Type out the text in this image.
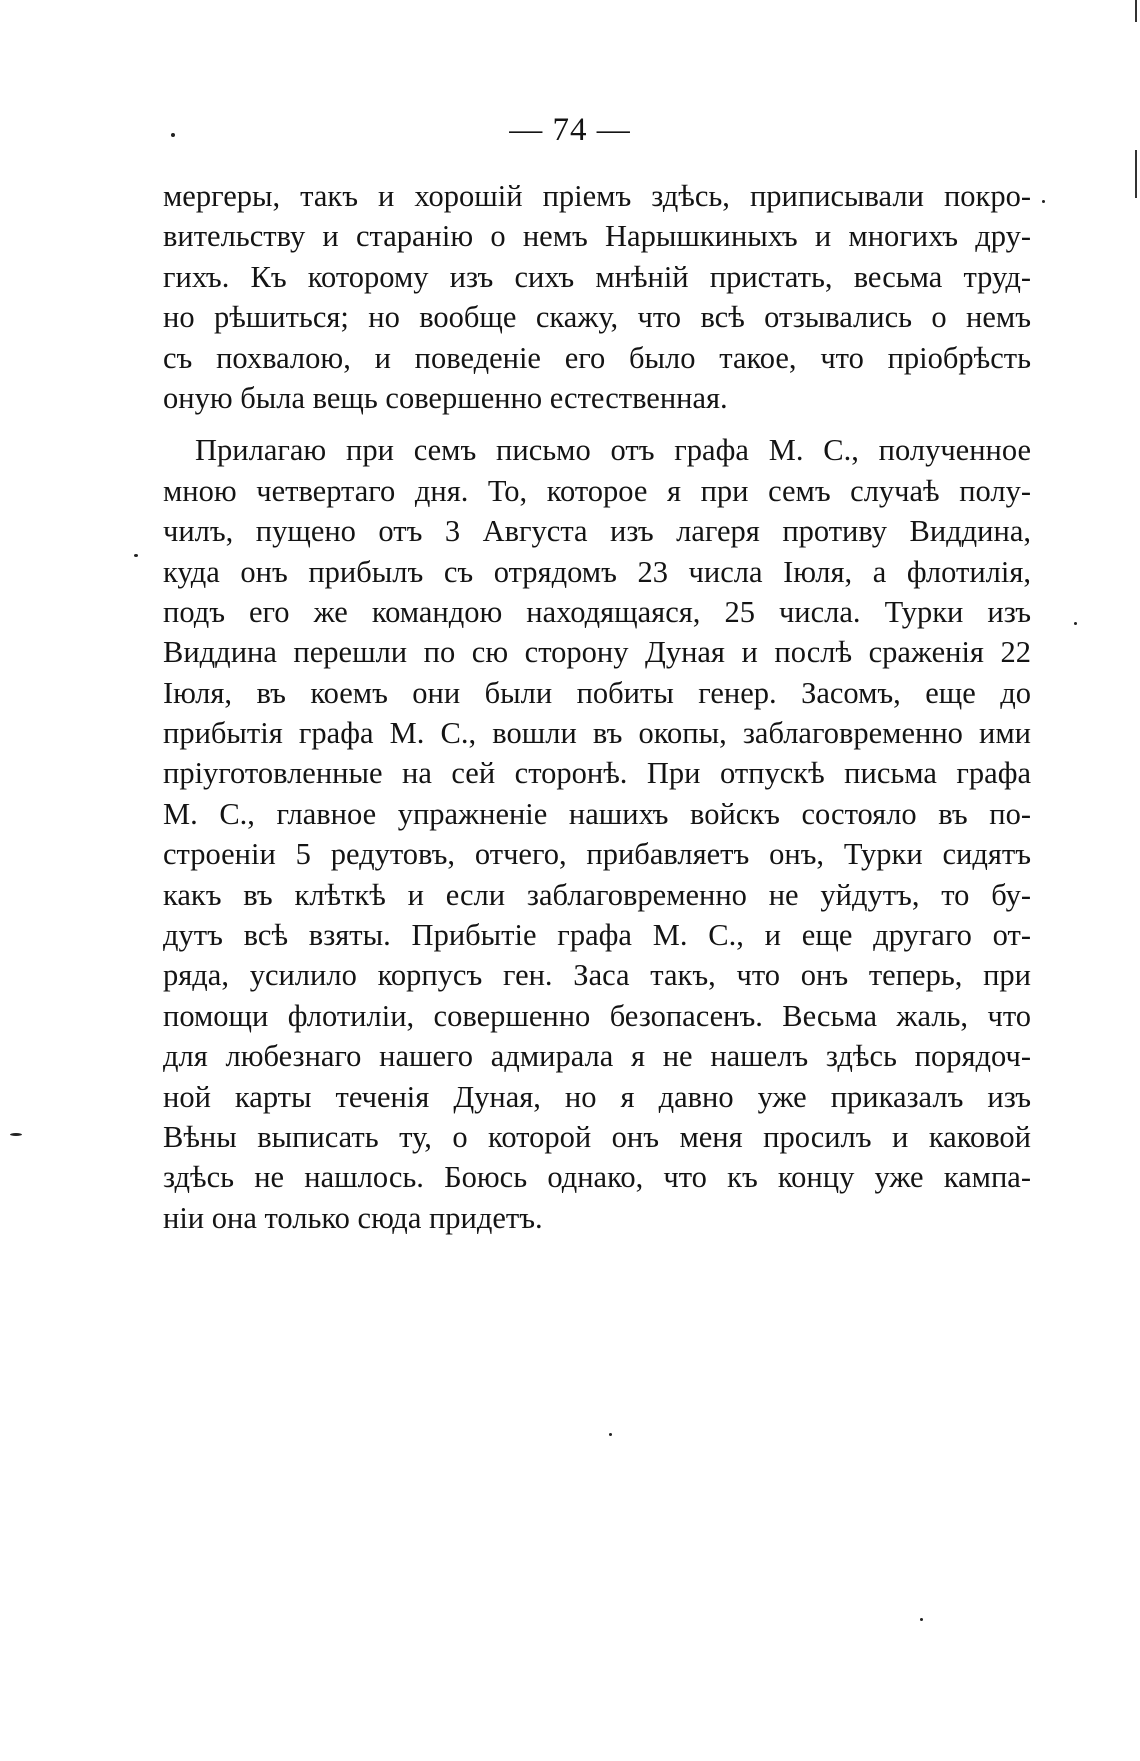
— 74 —
мергеры, такъ и хорошій пріемъ здѣсь, приписывали покро-
вительству и старанію о немъ Нарышкиныхъ и многихъ дру-
гихъ. Къ которому изъ сихъ мнѣній пристать, весьма труд-
но рѣшиться; но вообще скажу, что всѣ отзывались о немъ
съ похвалою, и поведеніе его было такое, что пріобрѣсть
оную была вещь совершенно естественная.
Прилагаю при семъ письмо отъ графа М. С., полученное
мною четвертаго дня. То, которое я при семъ случаѣ полу-
чилъ, пущено отъ 3 Августа изъ лагеря противу Виддина,
куда онъ прибылъ съ отрядомъ 23 числа Іюля, а флотилія,
подъ его же командою находящаяся, 25 числа. Турки изъ
Виддина перешли по сю сторону Дуная и послѣ сраженія 22
Іюля, въ коемъ они были побиты генер. Засомъ, еще до
прибытія графа М. С., вошли въ окопы, заблаговременно ими
пріуготовленные на сей сторонѣ. При отпускѣ письма графа
М. С., главное упражненіе нашихъ войскъ состояло въ по-
строеніи 5 редутовъ, отчего, прибавляетъ онъ, Турки сидятъ
какъ въ клѣткѣ и если заблаговременно не уйдутъ, то бу-
дутъ всѣ взяты. Прибытіе графа М. С., и еще другаго от-
ряда, усилило корпусъ ген. Заса такъ, что онъ теперь, при
помощи флотиліи, совершенно безопасенъ. Весьма жаль, что
для любезнаго нашего адмирала я не нашелъ здѣсь порядоч-
ной карты теченія Дуная, но я давно уже приказалъ изъ
Вѣны выписать ту, о которой онъ меня просилъ и каковой
здѣсь не нашлось. Боюсь однако, что къ концу уже кампа-
ніи она только сюда придетъ.
